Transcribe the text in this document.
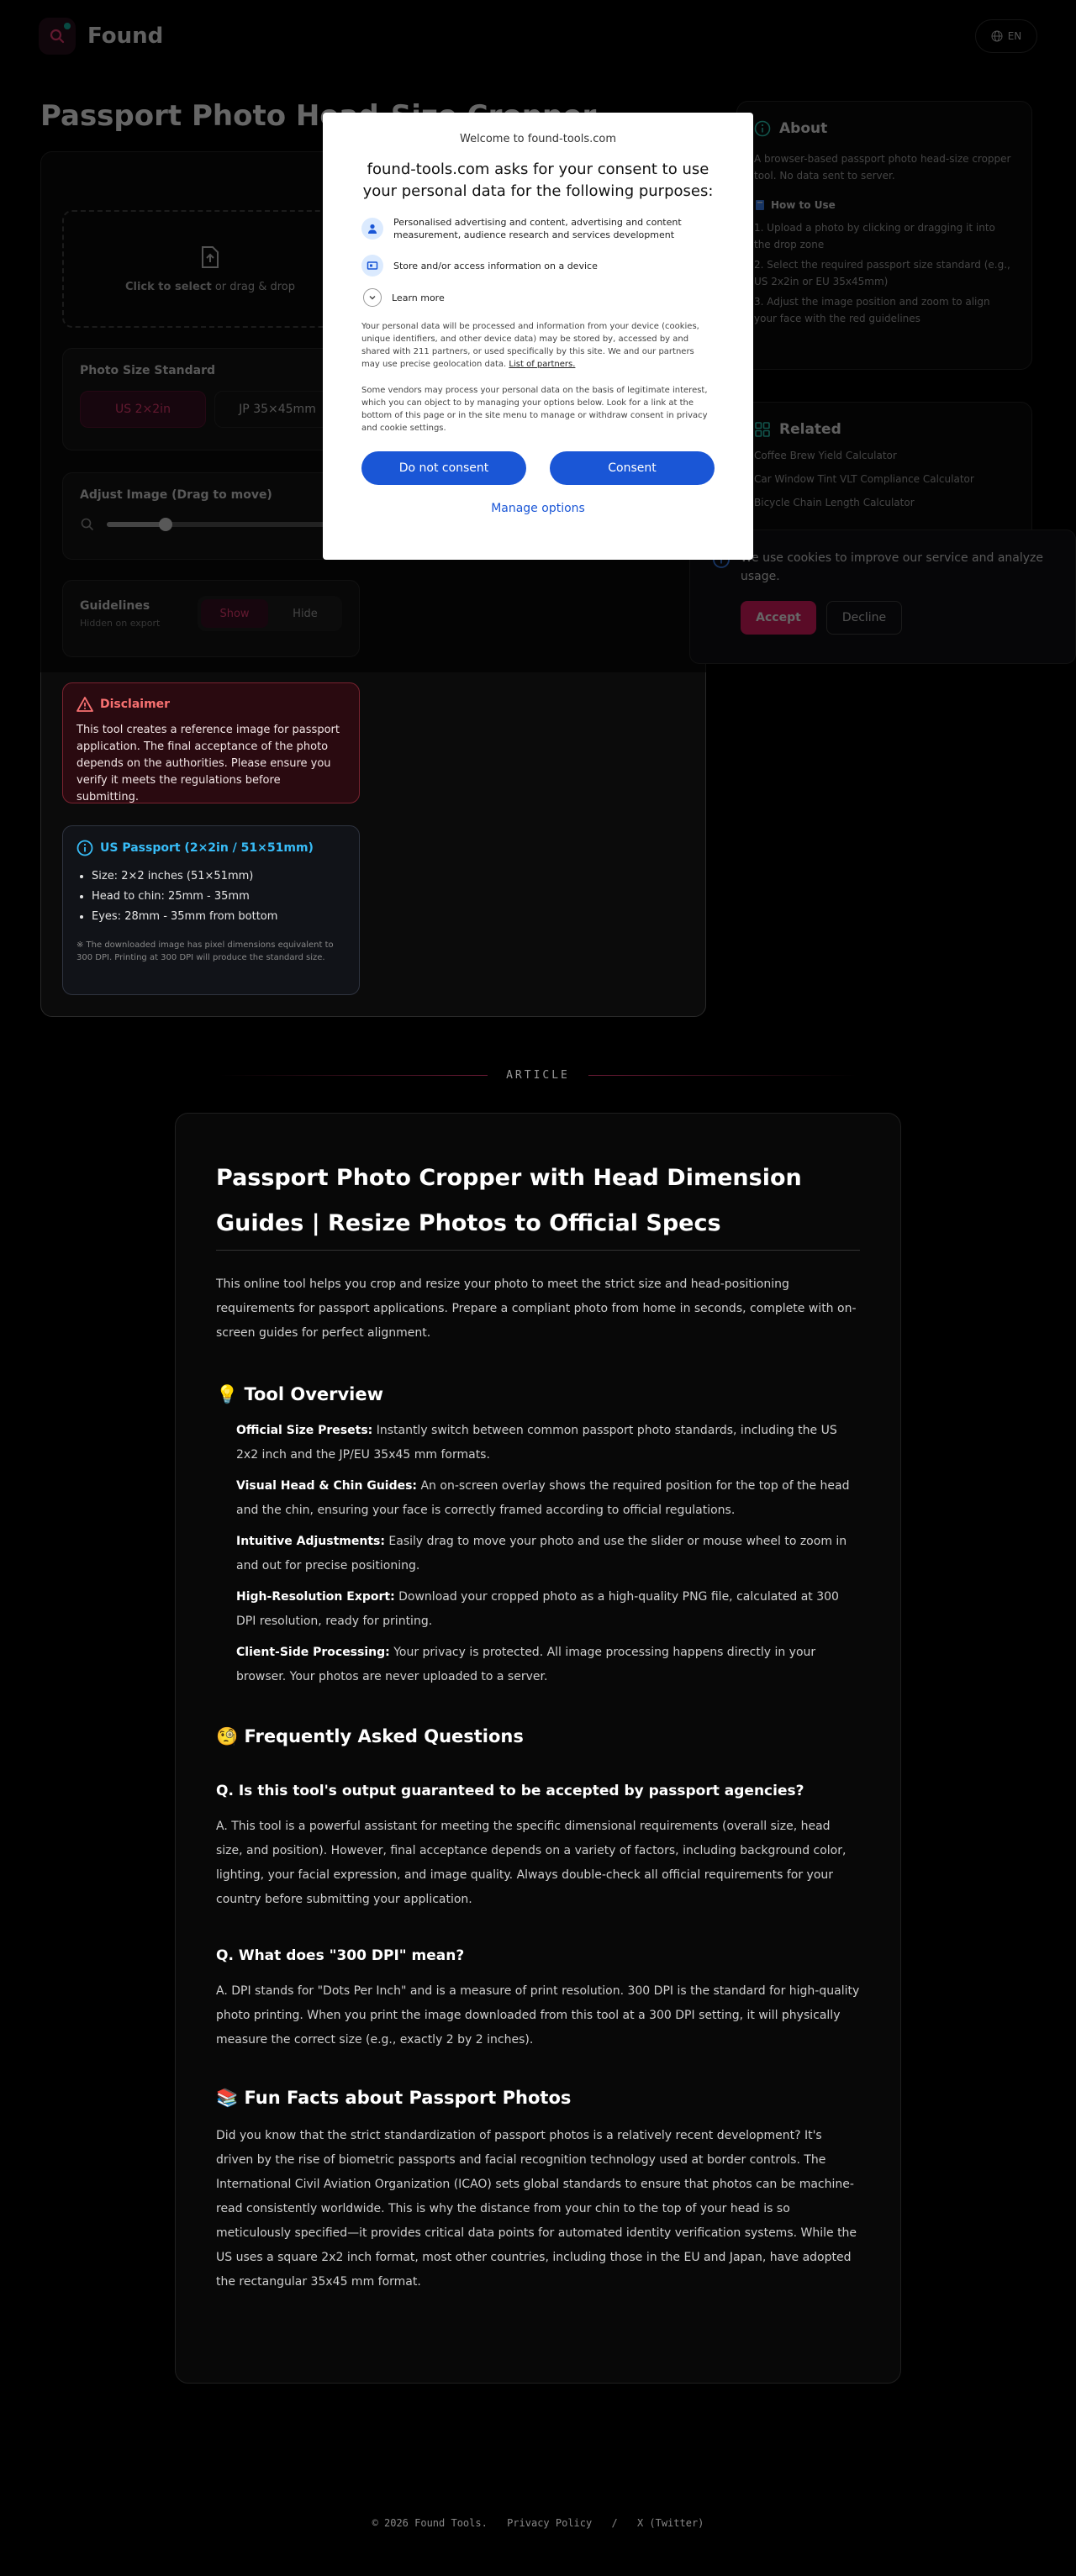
Disclaimer
This tool creates a reference image for passport application. The final acceptance of the photo depends on the authorities. Please ensure you verify it meets the regulations before submitting.
US Passport (2×2in / 51×51mm)
• Size: 2×2 inches (51×51mm)
• Head to chin: 25mm - 35mm
• Eyes: 28mm - 35mm from bottom
※ The downloaded image has pixel dimensions equivalent to 300 DPI. Printing at 300 DPI will produce the standard size.
Welcome to found-tools.com
found-tools.com asks for your consent to use your personal data for the following purposes:
Personalised advertising and content, advertising and content measurement, audience research and services development
Store and/or access information on a device
Learn more
Your personal data will be processed and information from your device (cookies, unique identifiers, and other device data) may be stored by, accessed by and shared with 211 partners, or used specifically by this site. We and our partners may use precise geolocation data. List of partners.
Some vendors may process your personal data on the basis of legitimate interest, which you can object to by managing your options below. Look for a link at the bottom of this page or in the site menu to manage or withdraw consent in privacy and cookie settings.
Do not consent	Consent
Manage options
ARTICLE
Passport Photo Cropper with Head Dimension Guides | Resize Photos to Official Specs

This online tool helps you crop and resize your photo to meet the strict size and head-positioning requirements for passport applications. Prepare a compliant photo from home in seconds, complete with on-screen guides for perfect alignment.

💡 Tool Overview

Official Size Presets: Instantly switch between common passport photo standards, including the US 2x2 inch and the JP/EU 35x45 mm formats.

Visual Head & Chin Guides: An on-screen overlay shows the required position for the top of the head and the chin, ensuring your face is correctly framed according to official regulations.

Intuitive Adjustments: Easily drag to move your photo and use the slider or mouse wheel to zoom in and out for precise positioning.

High-Resolution Export: Download your cropped photo as a high-quality PNG file, calculated at 300 DPI resolution, ready for printing.

Client-Side Processing: Your privacy is protected. All image processing happens directly in your browser. Your photos are never uploaded to a server.

🧐 Frequently Asked Questions
Q. Is this tool's output guaranteed to be accepted by passport agencies?

A. This tool is a powerful assistant for meeting the specific dimensional requirements (overall size, head size, and position). However, final acceptance depends on a variety of factors, including background color, lighting, your facial expression, and image quality. Always double-check all official requirements for your country before submitting your application.

Q. What does "300 DPI" mean?

A. DPI stands for "Dots Per Inch" and is a measure of print resolution. 300 DPI is the standard for high-quality photo printing. When you print the image downloaded from this tool at a 300 DPI setting, it will physically measure the correct size (e.g., exactly 2 by 2 inches).

📚 Fun Facts about Passport Photos

Did you know that the strict standardization of passport photos is a relatively recent development? It's driven by the rise of biometric passports and facial recognition technology used at border controls. The International Civil Aviation Organization (ICAO) sets global standards to ensure that photos can be machine-read consistently worldwide. This is why the distance from your chin to the top of your head is so meticulously specified—it provides critical data points for automated identity verification systems. While the US uses a square 2x2 inch format, most other countries, including those in the EU and Japan, have adopted the rectangular 35x45 mm format.

© 2026 Found Tools. Privacy Policy / X (Twitter)
